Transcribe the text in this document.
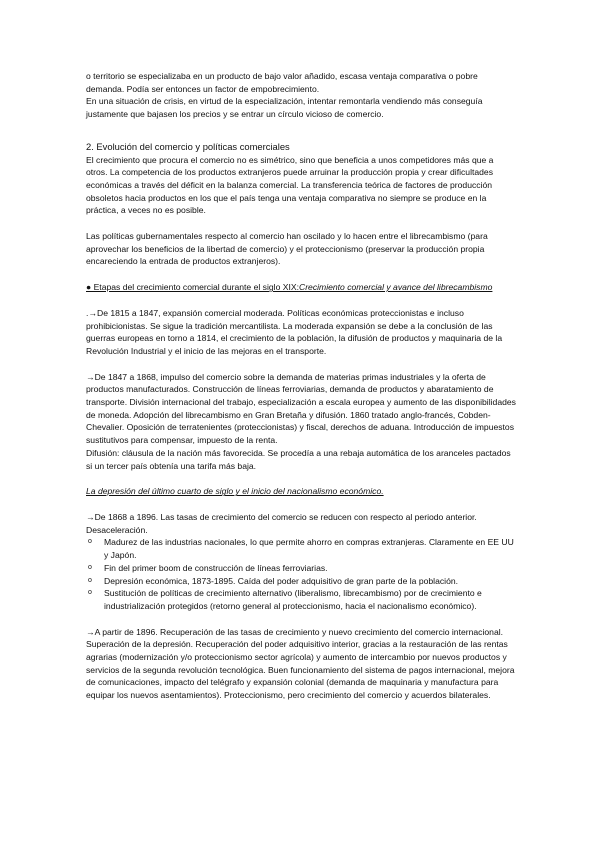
o territorio se especializaba en un producto de bajo valor añadido, escasa ventaja comparativa o pobre demanda. Podía ser entonces un factor de empobrecimiento.

En una situación de crisis, en virtud de la especialización, intentar remontarla vendiendo más conseguía justamente que bajasen los precios y se entrar un círculo vicioso de comercio.

2. Evolución del comercio y políticas comerciales

El crecimiento que procura el comercio no es simétrico, sino que beneficia a unos competidores más que a otros. La competencia de los productos extranjeros puede arruinar la producción propia y crear dificultades económicas a través del déficit en la balanza comercial. La transferencia teórica de factores de producción obsoletos hacia productos en los que el país tenga una ventaja comparativa no siempre se produce en la práctica, a veces no es posible.

Las políticas gubernamentales respecto al comercio han oscilado y lo hacen entre el librecambismo (para aprovechar los beneficios de la libertad de comercio) y el proteccionismo (preservar la producción propia encareciendo la entrada de productos extranjeros).

● Etapas del crecimiento comercial durante el siglo XIX:Crecimiento comercial y avance del librecambismo

.→De 1815 a 1847, expansión comercial moderada. Políticas económicas proteccionistas e incluso prohibicionistas. Se sigue la tradición mercantilista. La moderada expansión se debe a la conclusión de las guerras europeas en torno a 1814, el crecimiento de la población, la difusión de productos y maquinaria de la Revolución Industrial y el inicio de las mejoras en el transporte.

→De 1847 a 1868, impulso del comercio sobre la demanda de materias primas industriales y la oferta de productos manufacturados. Construcción de líneas ferroviarias, demanda de productos y abaratamiento de transporte. División internacional del trabajo, especialización a escala europea y aumento de las disponibilidades de moneda. Adopción del librecambismo en Gran Bretaña y difusión. 1860 tratado anglo-francés, Cobden-Chevalier. Oposición de terratenientes (proteccionistas) y fiscal, derechos de aduana. Introducción de impuestos sustitutivos para compensar, impuesto de la renta.

Difusión: cláusula de la nación más favorecida. Se procedía a una rebaja automática de los aranceles pactados si un tercer país obtenía una tarifa más baja.

La depresión del último cuarto de siglo y el inicio del nacionalismo económico.

→De 1868 a 1896. Las tasas de crecimiento del comercio se reducen con respecto al periodo anterior. Desaceleración.

o Madurez de las industrias nacionales, lo que permite ahorro en compras extranjeras. Claramente en EE UU y Japón.
o Fin del primer boom de construcción de líneas ferroviarias.
o Depresión económica, 1873-1895. Caída del poder adquisitivo de gran parte de la población.
o Sustitución de políticas de crecimiento alternativo (liberalismo, librecambismo) por de crecimiento e industrialización protegidos (retorno general al proteccionismo, hacia el nacionalismo económico).

→A partir de 1896. Recuperación de las tasas de crecimiento y nuevo crecimiento del comercio internacional. Superación de la depresión. Recuperación del poder adquisitivo interior, gracias a la restauración de las rentas agrarias (modernización y/o proteccionismo sector agrícola) y aumento de intercambio por nuevos productos y servicios de la segunda revolución tecnológica. Buen funcionamiento del sistema de pagos internacional, mejora de comunicaciones, impacto del telégrafo y expansión colonial (demanda de maquinaria y manufactura para equipar los nuevos asentamientos). Proteccionismo, pero crecimiento del comercio y acuerdos bilaterales.
